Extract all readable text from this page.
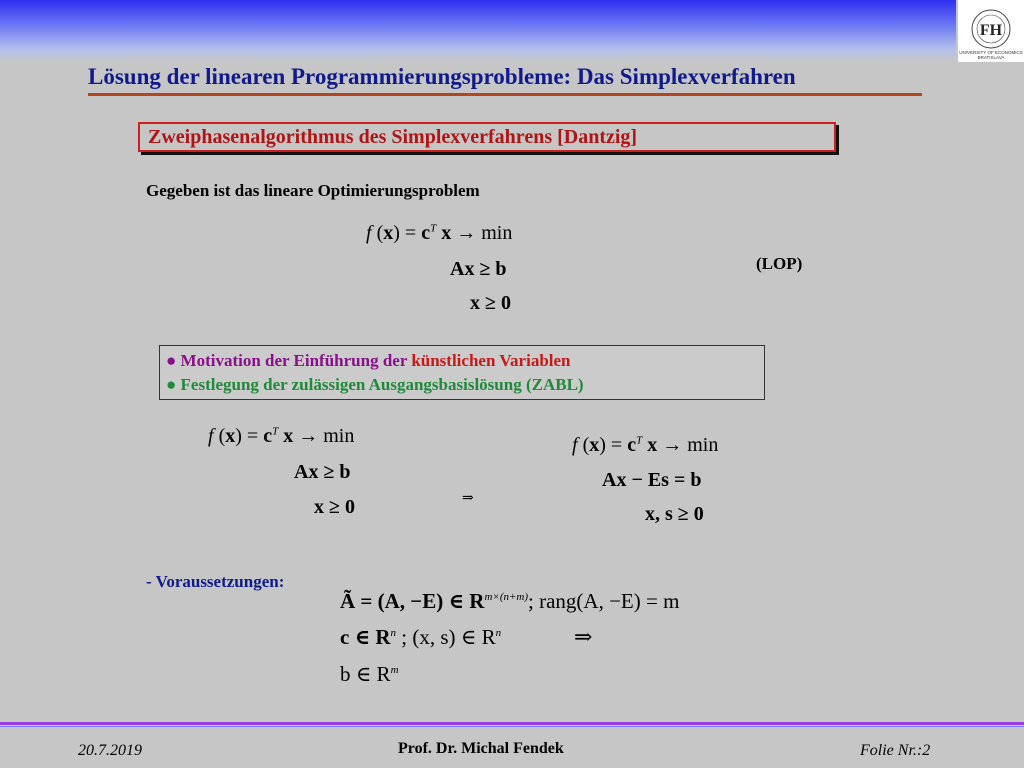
FH
UNIVERSITY OF ECONOMICS BRATISLAVA
Lösung der linearen Programmierungsprobleme: Das Simplexverfahren
Zweiphasenalgorithmus des Simplexverfahrens [Dantzig]
Gegeben ist das lineare Optimierungsproblem
f $(x) = c^T$ x → min
Ax ≥ b
x ≥ 0
(LOP)
● Motivation der Einführung der künstlichen Variablen
● Festlegung der zulässigen Ausgangsbasislösung (ZABL)
f $(x) = c^T$ x → min
Ax ≥ b
x ≥ 0	⇒
f $(x) = c^T$ x → min
Ax − Es = b
x, s ≥ 0
- Voraussetzungen:
Ã = (A, −E) ∈ $R^{m\times(n+m)}$; rang(A, −E) = m
c ∈ $R^n$ ; (x, s) ∈ $R^n$	⇒
b ∈ $R^m$
20.7.2019	Prof. Dr. Michal Fendek	Folie Nr.:2
